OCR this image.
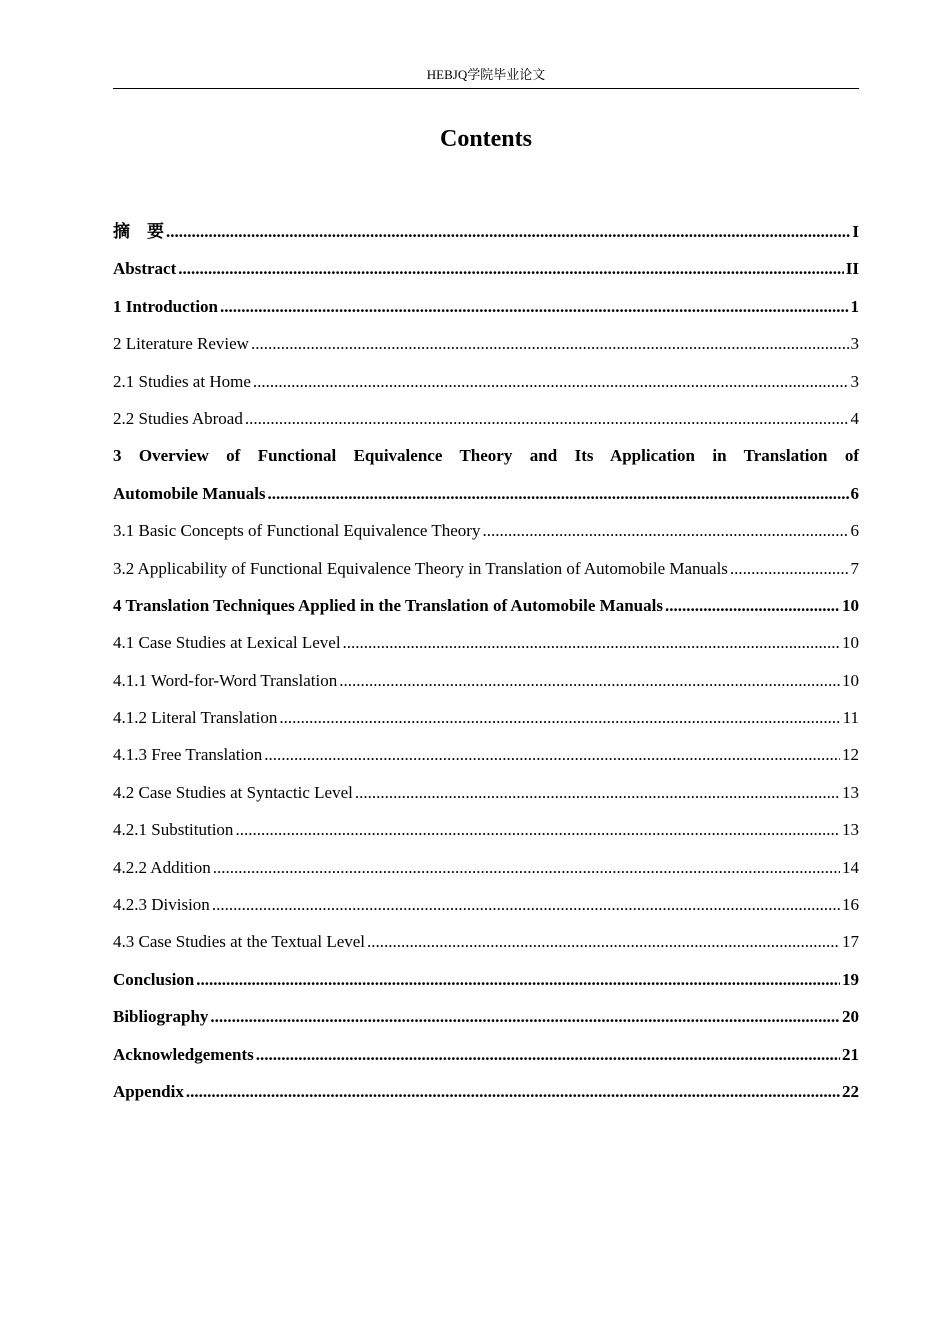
HEBJQ学院毕业论文
Contents
摘　要 .....	I
Abstract .....	II
1 Introduction .....	1
2 Literature Review .....	3
2.1 Studies at Home .....	3
2.2 Studies Abroad .....	4
3 Overview of Functional Equivalence Theory and Its Application in Translation of
Automobile Manuals .....	6
3.1 Basic Concepts of Functional Equivalence Theory .....	6
3.2 Applicability of Functional Equivalence Theory in Translation of Automobile Manuals .....	7
4 Translation Techniques Applied in the Translation of Automobile Manuals .....	10
4.1 Case Studies at Lexical Level .....	10
4.1.1 Word-for-Word Translation .....	10
4.1.2 Literal Translation .....	11
4.1.3 Free Translation .....	12
4.2 Case Studies at Syntactic Level .....	13
4.2.1 Substitution .....	13
4.2.2 Addition .....	14
4.2.3 Division .....	16
4.3 Case Studies at the Textual Level .....	17
Conclusion .....	19
Bibliography .....	20
Acknowledgements .....	21
Appendix .....	22
